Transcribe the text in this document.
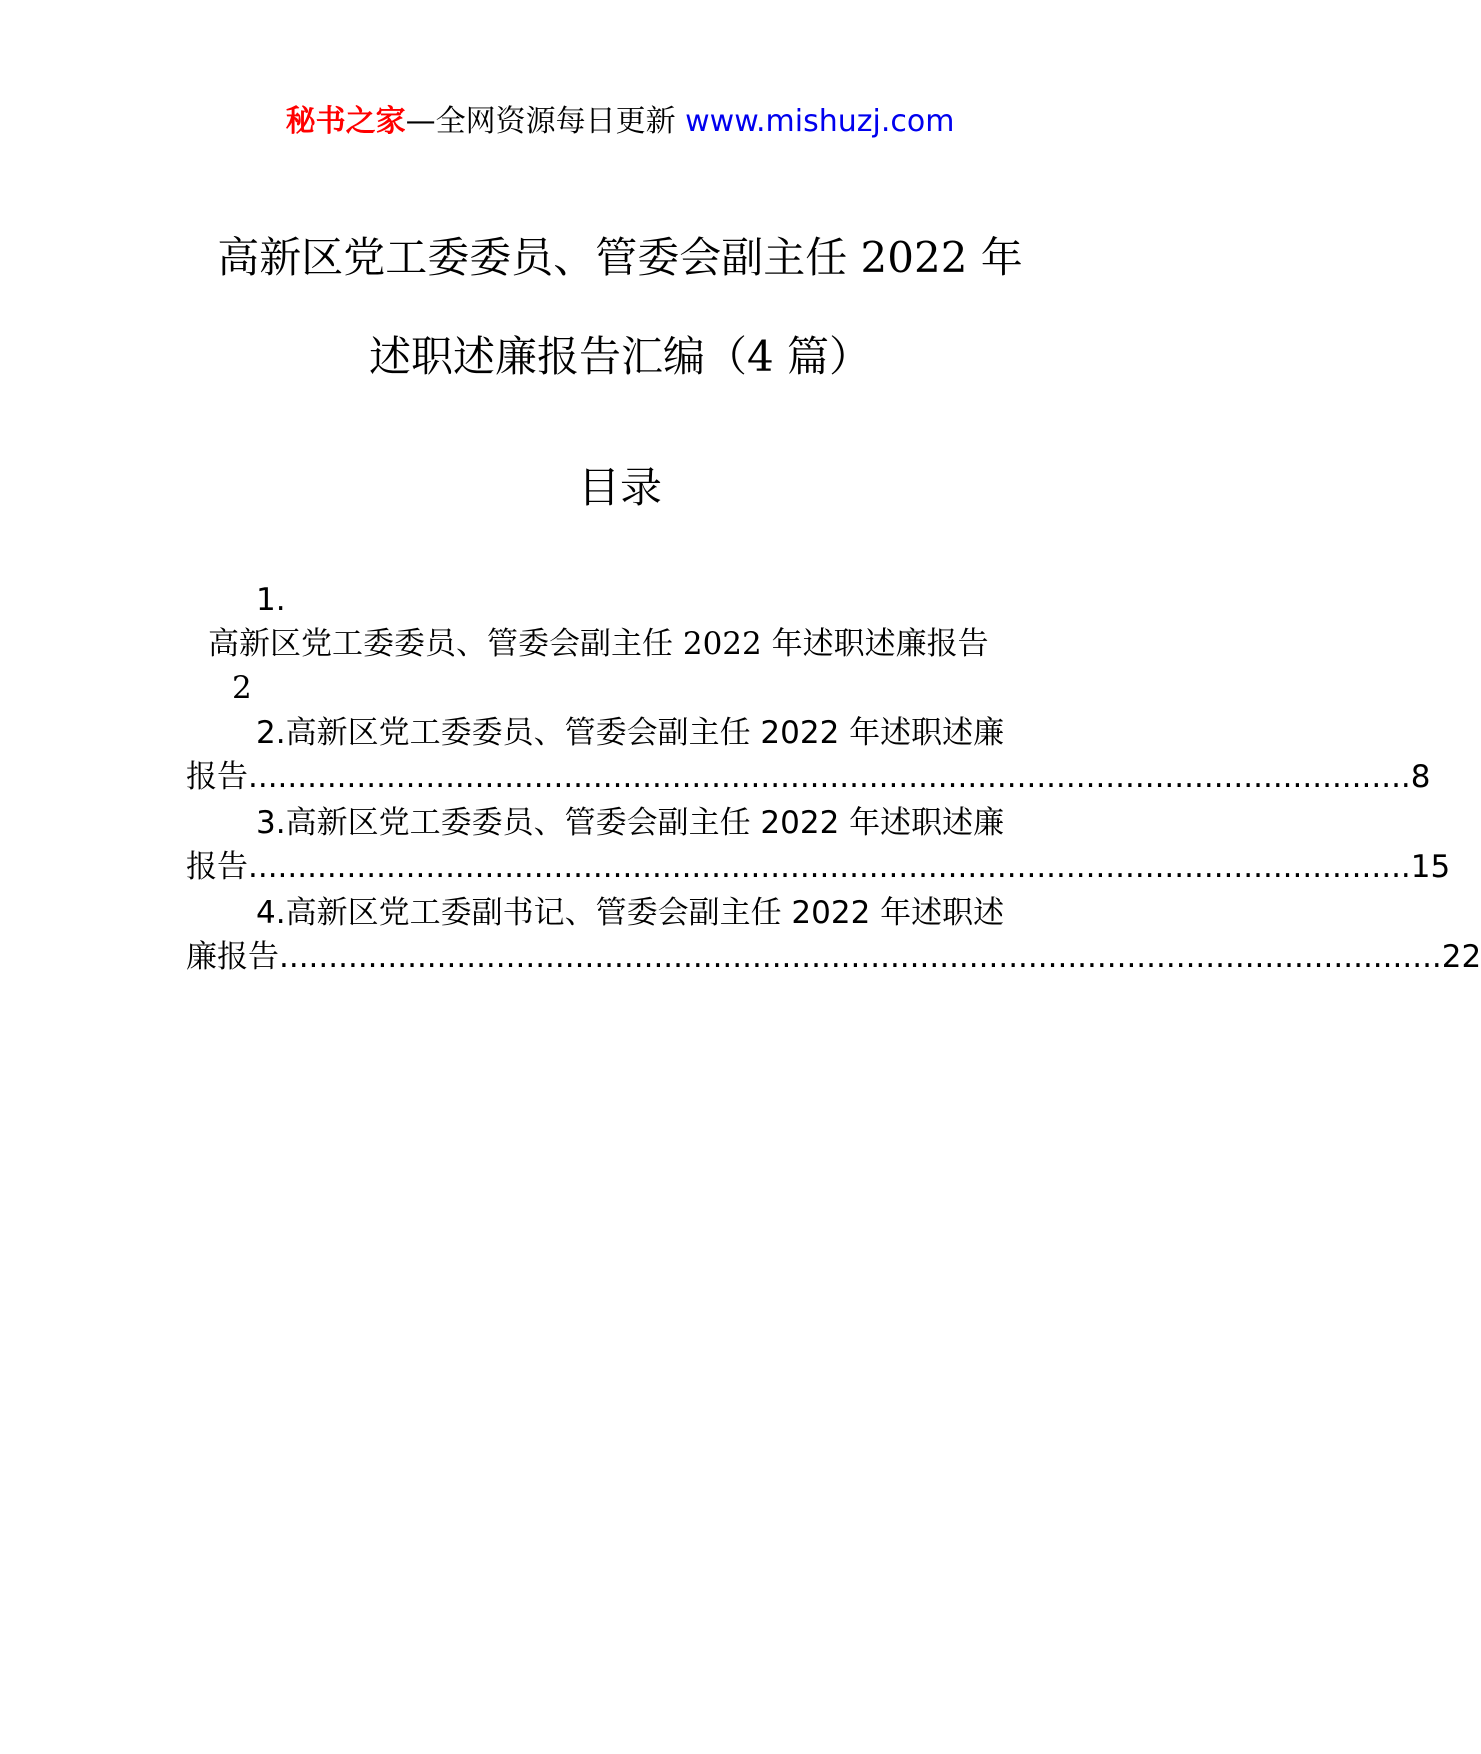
秘书之家—全网资源每日更新 www.mishuzj.com
高新区党工委委员、管委会副主任 2022 年
述职述廉报告汇编（4 篇）
目录
1.
高新区党工委委员、管委会副主任 2022 年述职述廉报告
2
2.高新区党工委委员、管委会副主任 2022 年述职述廉
报告 ...................................................................................................................... 8
3.高新区党工委委员、管委会副主任 2022 年述职述廉
报告 ...................................................................................................................... 15
4.高新区党工委副书记、管委会副主任 2022 年述职述
廉报告 ...................................................................................................................... 22
